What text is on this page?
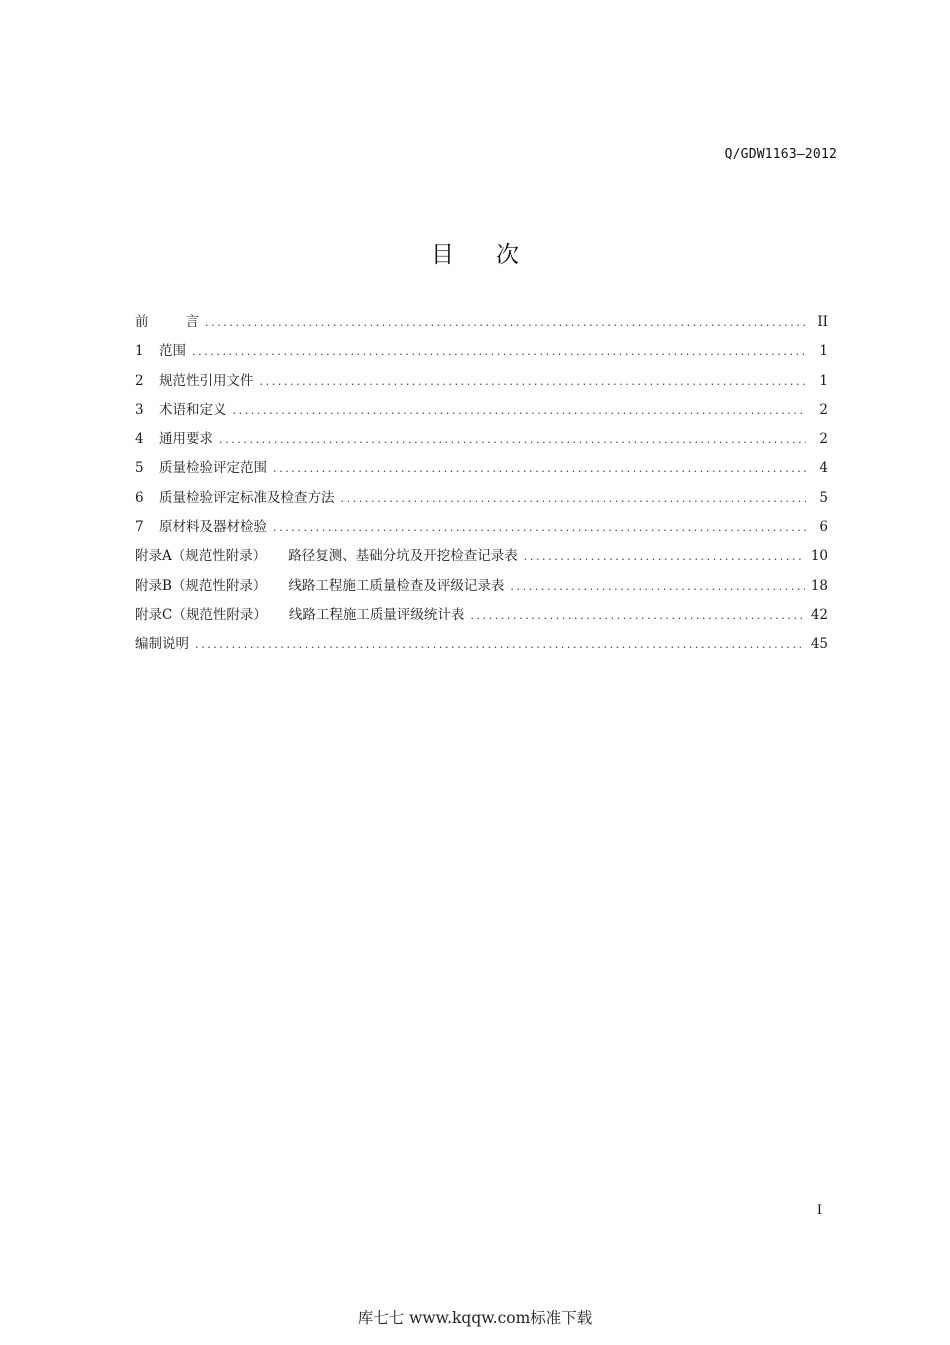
Q/GDW1163—2012
目次
前	言 .....	II
1	范围 .....	1
2	规范性引用文件 .....	1
3	术语和定义 .....	2
4	通用要求 .....	2
5	质量检验评定范围 .....	4
6	质量检验评定标准及检查方法 .....	5
7	原材料及器材检验 .....	6
附录A（规范性附录） 路径复测、基础分坑及开挖检查记录表 .....	10
附录B（规范性附录） 线路工程施工质量检查及评级记录表 .....	18
附录C（规范性附录） 线路工程施工质量评级统计表 .....	42
编制说明 .....	45
I
库七七 www.kqqw.com标准下载
